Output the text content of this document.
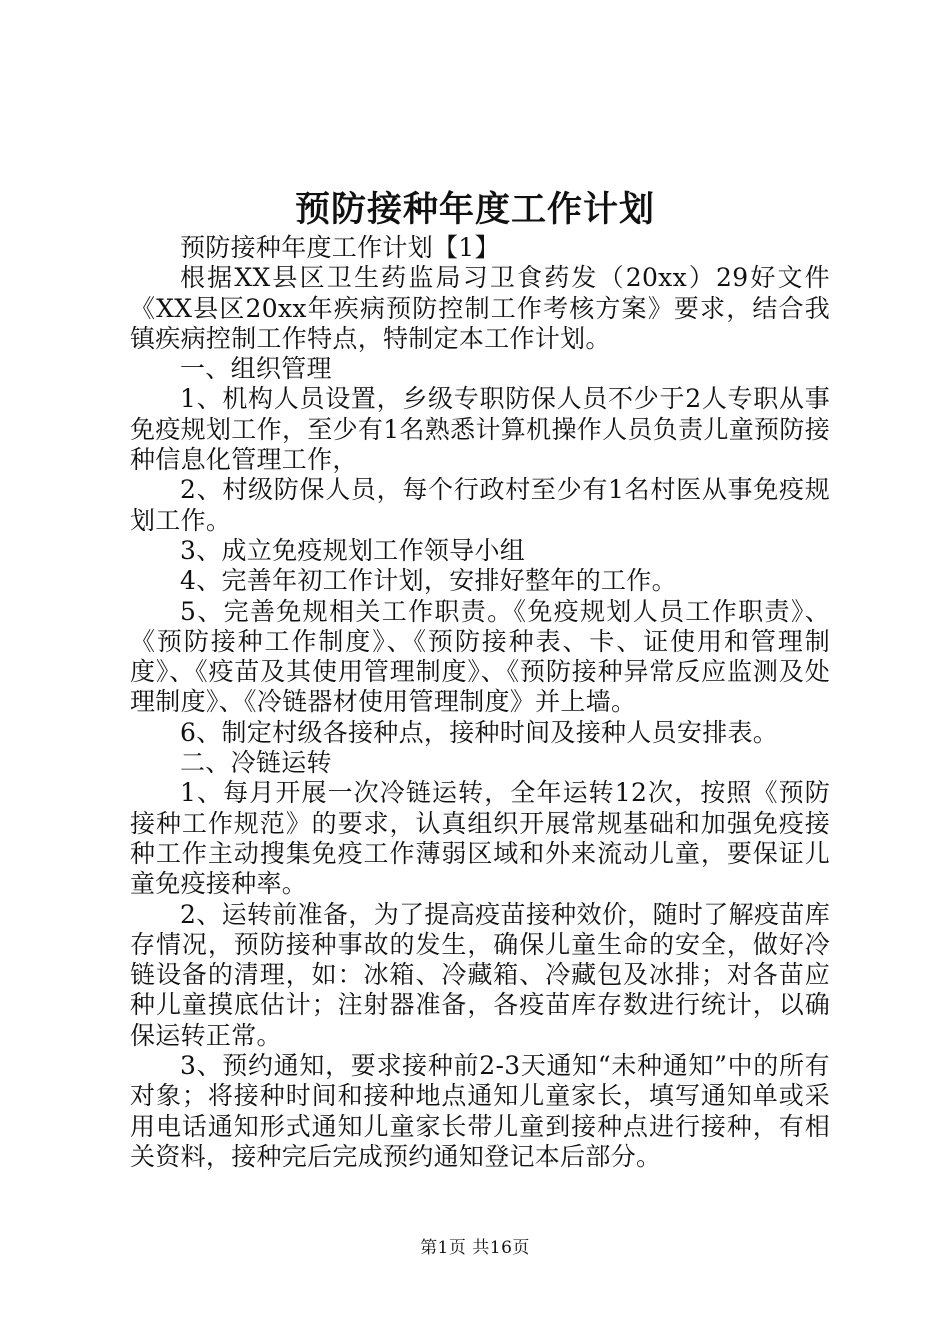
预防接种年度工作计划

预防接种年度工作计划【1】

根据XX县区卫生药监局习卫食药发（20xx）29好文件《XX县区20xx年疾病预防控制工作考核方案》要求，结合我镇疾病控制工作特点，特制定本工作计划。

一、组织管理

1、机构人员设置，乡级专职防保人员不少于2人专职从事免疫规划工作，至少有1名熟悉计算机操作人员负责儿童预防接种信息化管理工作，

2、村级防保人员，每个行政村至少有1名村医从事免疫规划工作。

3、成立免疫规划工作领导小组

4、完善年初工作计划，安排好整年的工作。

5、完善免规相关工作职责。《免疫规划人员工作职责》、《预防接种工作制度》、《预防接种表、卡、证使用和管理制度》、《疫苗及其使用管理制度》、《预防接种异常反应监测及处理制度》、《冷链器材使用管理制度》并上墙。

6、制定村级各接种点，接种时间及接种人员安排表。

二、冷链运转

1、每月开展一次冷链运转，全年运转12次，按照《预防接种工作规范》的要求，认真组织开展常规基础和加强免疫接种工作主动搜集免疫工作薄弱区域和外来流动儿童，要保证儿童免疫接种率。

2、运转前准备，为了提高疫苗接种效价，随时了解疫苗库存情况，预防接种事故的发生，确保儿童生命的安全，做好冷链设备的清理，如：冰箱、冷藏箱、冷藏包及冰排；对各苗应种儿童摸底估计；注射器准备，各疫苗库存数进行统计，以确保运转正常。

3、预约通知，要求接种前2-3天通知“未种通知”中的所有对象；将接种时间和接种地点通知儿童家长，填写通知单或采用电话通知形式通知儿童家长带儿童到接种点进行接种，有相关资料，接种完后完成预约通知登记本后部分。

第1页 共16页
